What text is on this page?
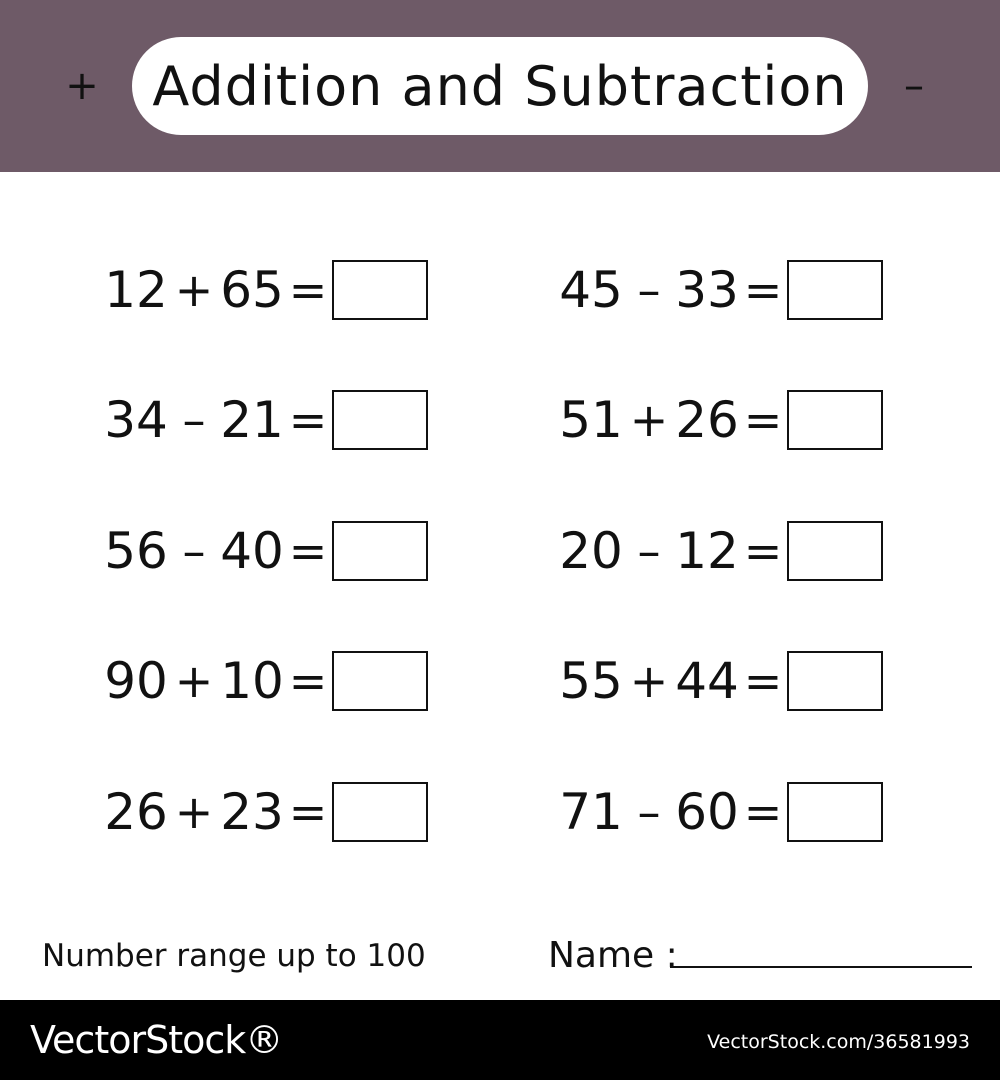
+ Addition and Subtraction –
12 + 65 =
34 – 21 =
56 – 40 =
90 + 10 =
26 + 23 =
45 – 33 =
51 + 26 =
20 – 12 =
55 + 44 =
71 – 60 =
Number range up to 100	Name :
VectorStock®	VectorStock.com/36581993
